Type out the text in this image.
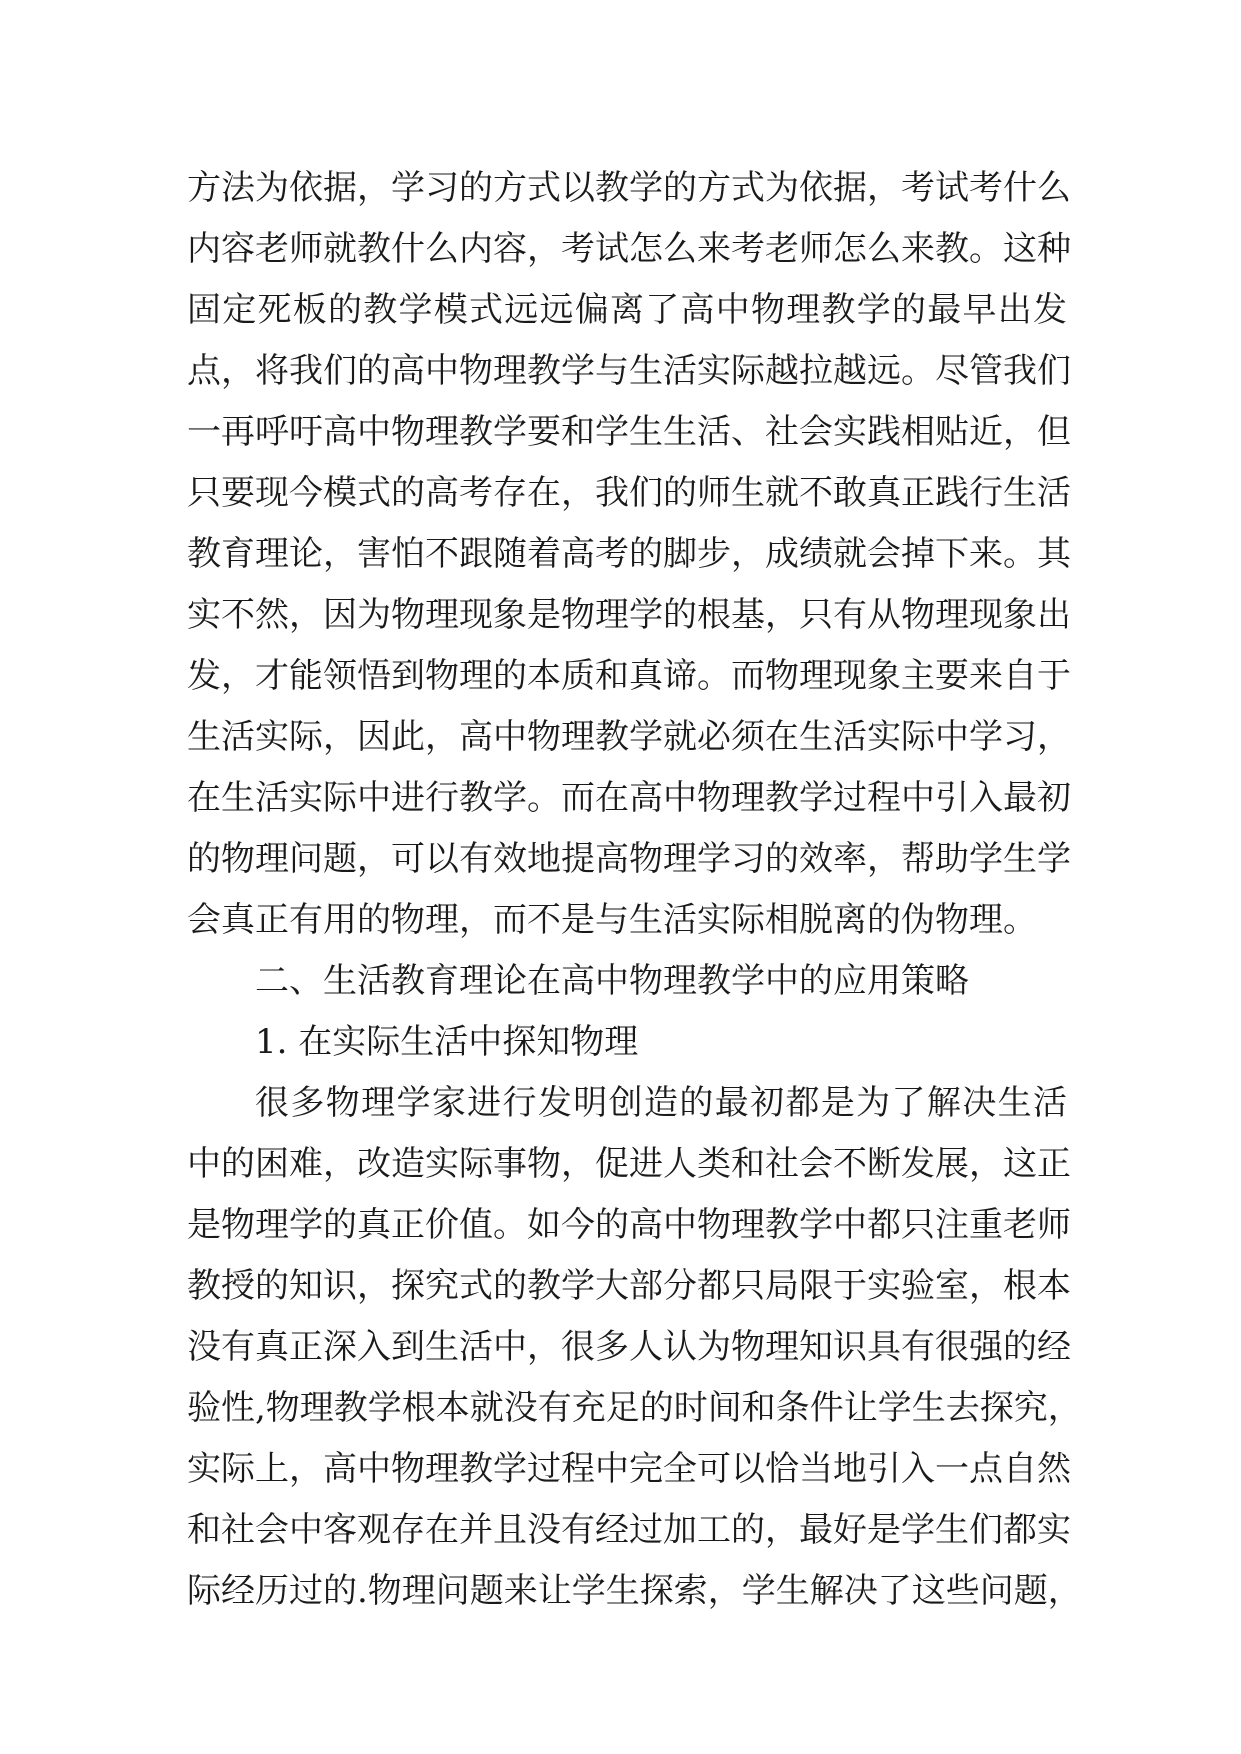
方法为依据，学习的方式以教学的方式为依据，考试考什么
内容老师就教什么内容，考试怎么来考老师怎么来教。这种
固定死板的教学模式远远偏离了高中物理教学的最早出发
点，将我们的高中物理教学与生活实际越拉越远。尽管我们
一再呼吁高中物理教学要和学生生活、社会实践相贴近，但
只要现今模式的高考存在，我们的师生就不敢真正践行生活
教育理论，害怕不跟随着高考的脚步，成绩就会掉下来。其
实不然，因为物理现象是物理学的根基，只有从物理现象出
发，才能领悟到物理的本质和真谛。而物理现象主要来自于
生活实际，因此，高中物理教学就必须在生活实际中学习，
在生活实际中进行教学。而在高中物理教学过程中引入最初
的物理问题，可以有效地提高物理学习的效率，帮助学生学
会真正有用的物理，而不是与生活实际相脱离的伪物理。
二、生活教育理论在高中物理教学中的应用策略
1. 在实际生活中探知物理
很多物理学家进行发明创造的最初都是为了解决生活
中的困难，改造实际事物，促进人类和社会不断发展，这正
是物理学的真正价值。如今的高中物理教学中都只注重老师
教授的知识，探究式的教学大部分都只局限于实验室，根本
没有真正深入到生活中，很多人认为物理知识具有很强的经
验性,物理教学根本就没有充足的时间和条件让学生去探究，
实际上，高中物理教学过程中完全可以恰当地引入一点自然
和社会中客观存在并且没有经过加工的，最好是学生们都实
际经历过的.物理问题来让学生探索，学生解决了这些问题，
